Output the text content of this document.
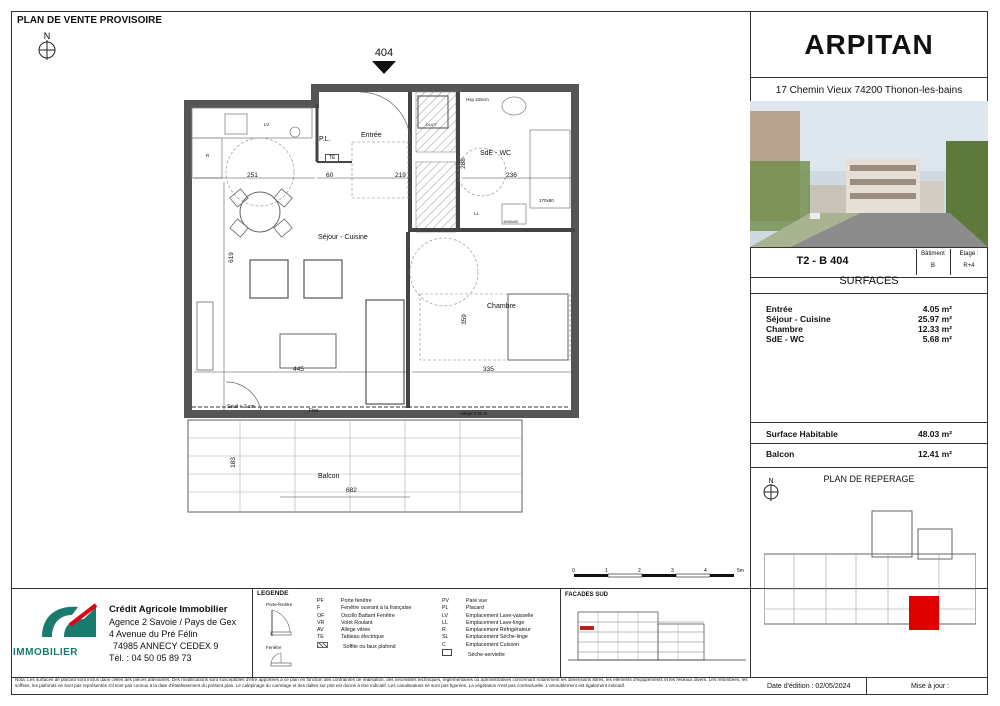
PLAN DE VENTE PROVISOIRE
N
404
Entrée
P.L.
TE
SdE - WC
Séjour - Cuisine
Chambre
Balcon
251	60	219	236
288
619
445	335
359
183
682
Seuil < 2 cm
Fixe	Allège 0.55 m
Hsp 225cm
170x80
DUCT
LV
LL
R
1590x90
0	1	2	3	4	5m
ARPITAN
17 Chemin Vieux 74200 Thonon-les-bains
T2 - B 404
Bâtiment
B
Etage :
R+4
SURFACES
Entrée	4.05 m²
Séjour - Cuisine	25.97 m²
Chambre	12.33 m²
SdE - WC	5.68 m²
Surface Habitable	48.03 m²
Balcon	12.41 m²
PLAN DE REPERAGE
N
IMMOBILIER
Crédit Agricole Immobilier
Agence 2 Savoie / Pays de Gex
4 Avenue du Pré Félin
74985 ANNECY CEDEX 9
Tél. : 04 50 05 89 73
LEGENDE
Porte-fenêtre
Fenêtre
PF	Porte fenêtre
F	Fenêtre ouvrant à la française
OF	Oscillo Battant Fenêtre
VR	Volet Roulant
AV	Allège vitrée
TE	Tableau électrique
Soffite ou faux plafond
PV	Pare vue
PL	Placard
LV	Emplacement Lave-vaisselle
LL	Emplacement Lave-linge
R	Emplacement Réfrigérateur
SL	Emplacement Sèche-linge
C	Emplacement Cuisson
Sèche-serviette
FACADES SUD
Nota: Les surfaces de placard sont inclus dans celles des pièces attenantes. Des modifications sont susceptibles d'être apportées à ce plan en fonction des contraintes de réalisation, des nécessités techniques, réglementaires ou administratives concernant notamment les dimensions libres, les éléments d'équipements et les réseaux divers. Les retombées, les soffites, les plafonds ne sont pas représentés s'il sont pas connus à la date d'établissement du présent plan. Le calepinage du carrelage et des dalles sur plot est donné à titre indicatif. Les canalisations ne sont pas figurées. La végétation n'est pas contractuelle. L'ameublement est également indicatif.	Date d'édition : 02/05/2024	Mise à jour :
